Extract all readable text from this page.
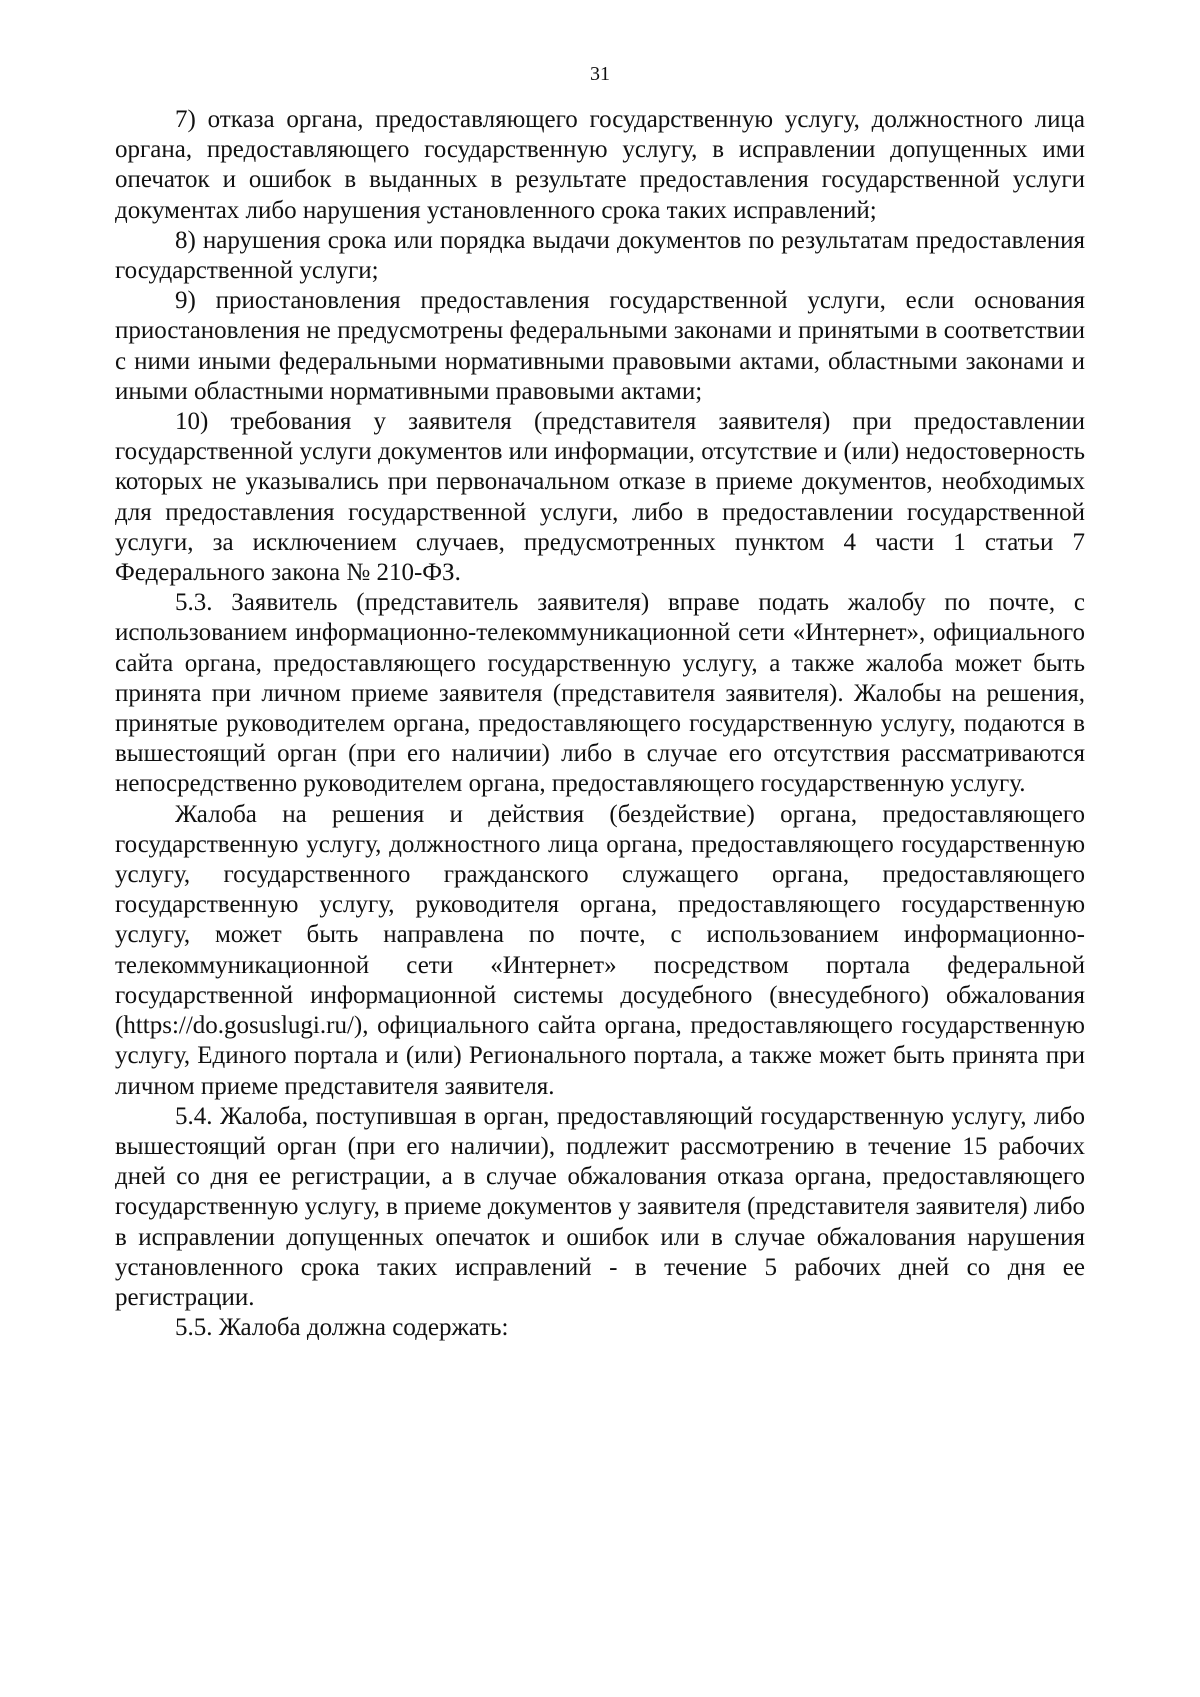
31

7) отказа органа, предоставляющего государственную услугу, должностного лица органа, предоставляющего государственную услугу, в исправлении допущенных ими опечаток и ошибок в выданных в результате предоставления государственной услуги документах либо нарушения установленного срока таких исправлений;

8) нарушения срока или порядка выдачи документов по результатам предоставления государственной услуги;

9) приостановления предоставления государственной услуги, если основания приостановления не предусмотрены федеральными законами и принятыми в соответствии с ними иными федеральными нормативными правовыми актами, областными законами и иными областными нормативными правовыми актами;

10) требования у заявителя (представителя заявителя) при предоставлении государственной услуги документов или информации, отсутствие и (или) недостоверность которых не указывались при первоначальном отказе в приеме документов, необходимых для предоставления государственной услуги, либо в предоставлении государственной услуги, за исключением случаев, предусмотренных пунктом 4 части 1 статьи 7 Федерального закона № 210-ФЗ.

5.3. Заявитель (представитель заявителя) вправе подать жалобу по почте, с использованием информационно-телекоммуникационной сети «Интернет», официального сайта органа, предоставляющего государственную услугу, а также жалоба может быть принята при личном приеме заявителя (представителя заявителя). Жалобы на решения, принятые руководителем органа, предоставляющего государственную услугу, подаются в вышестоящий орган (при его наличии) либо в случае его отсутствия рассматриваются непосредственно руководителем органа, предоставляющего государственную услугу.

Жалоба на решения и действия (бездействие) органа, предоставляющего государственную услугу, должностного лица органа, предоставляющего государственную услугу, государственного гражданского служащего органа, предоставляющего государственную услугу, руководителя органа, предоставляющего государственную услугу, может быть направлена по почте, с использованием информационно-телекоммуникационной сети «Интернет» посредством портала федеральной государственной информационной системы досудебного (внесудебного) обжалования (https://do.gosuslugi.ru/), официального сайта органа, предоставляющего государственную услугу, Единого портала и (или) Регионального портала, а также может быть принята при личном приеме представителя заявителя.

5.4. Жалоба, поступившая в орган, предоставляющий государственную услугу, либо вышестоящий орган (при его наличии), подлежит рассмотрению в течение 15 рабочих дней со дня ее регистрации, а в случае обжалования отказа органа, предоставляющего государственную услугу, в приеме документов у заявителя (представителя заявителя) либо в исправлении допущенных опечаток и ошибок или в случае обжалования нарушения установленного срока таких исправлений - в течение 5 рабочих дней со дня ее регистрации.

5.5. Жалоба должна содержать:
